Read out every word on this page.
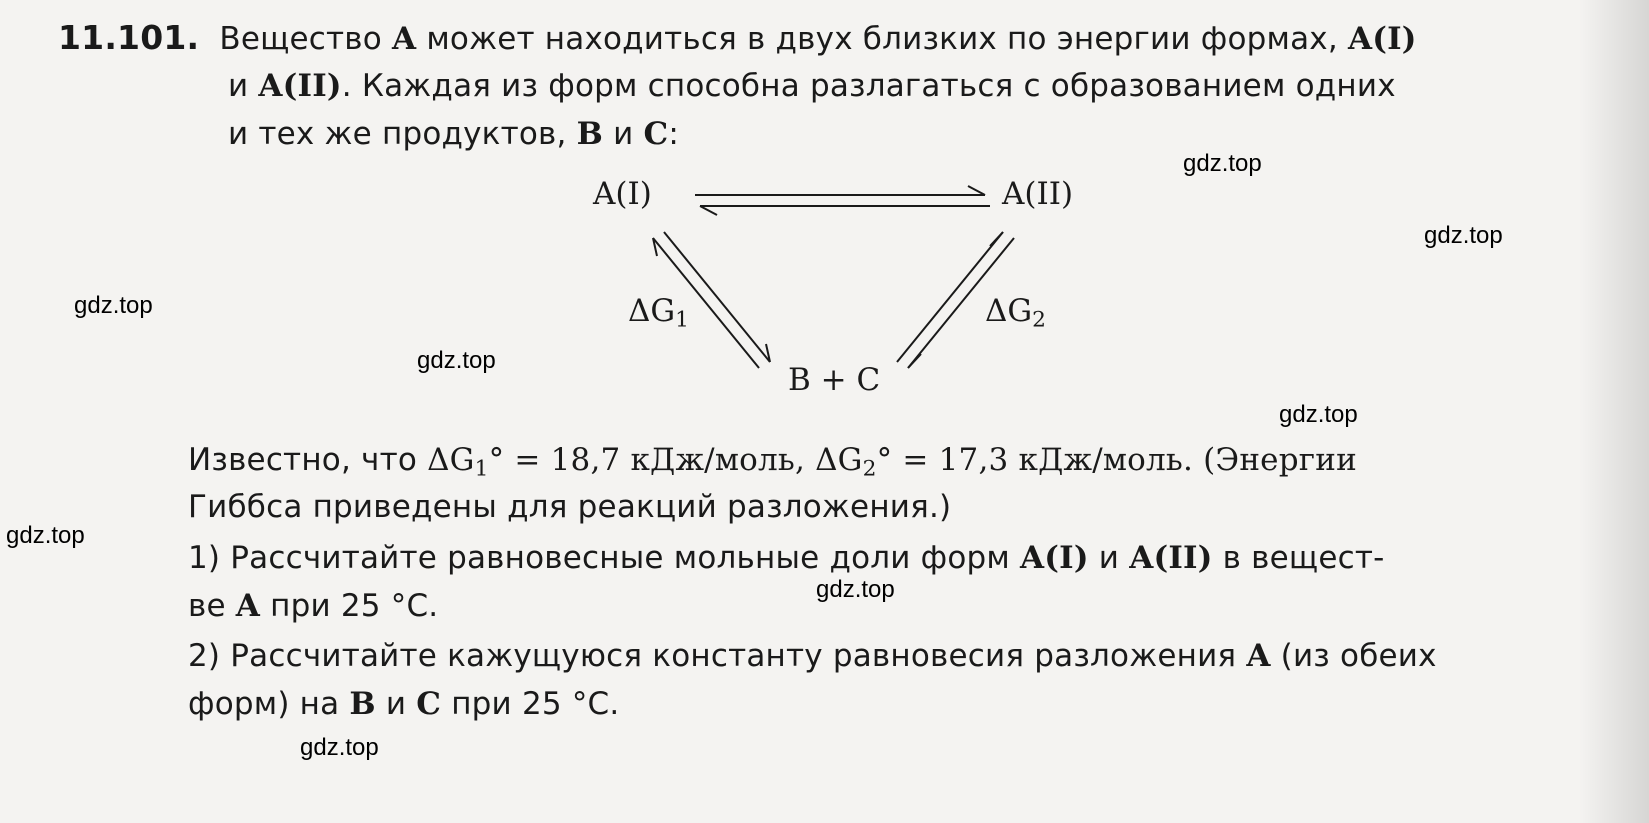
11.101. Вещество A может находиться в двух близких по энергии формах, A(I)
и A(II). Каждая из форм способна разлагаться с образованием одних
и тех же продуктов, B и C:
A(I)	A(II)
B + C
$\Delta G_1$	$\Delta G_2$
Известно, что $\Delta G_1^\circ = 18,7$ кДж/моль, $\Delta G_2^\circ = 17,3$ кДж/моль. (Энергии
Гиббса приведены для реакций разложения.)
1) Рассчитайте равновесные мольные доли форм A(I) и A(II) в вещест-
ве A при 25 °С.
2) Рассчитайте кажущуюся константу равновесия разложения A (из обеих
форм) на B и C при 25 °С.
gdz.top
gdz.top
gdz.top
gdz.top
gdz.top
gdz.top
gdz.top
gdz.top
